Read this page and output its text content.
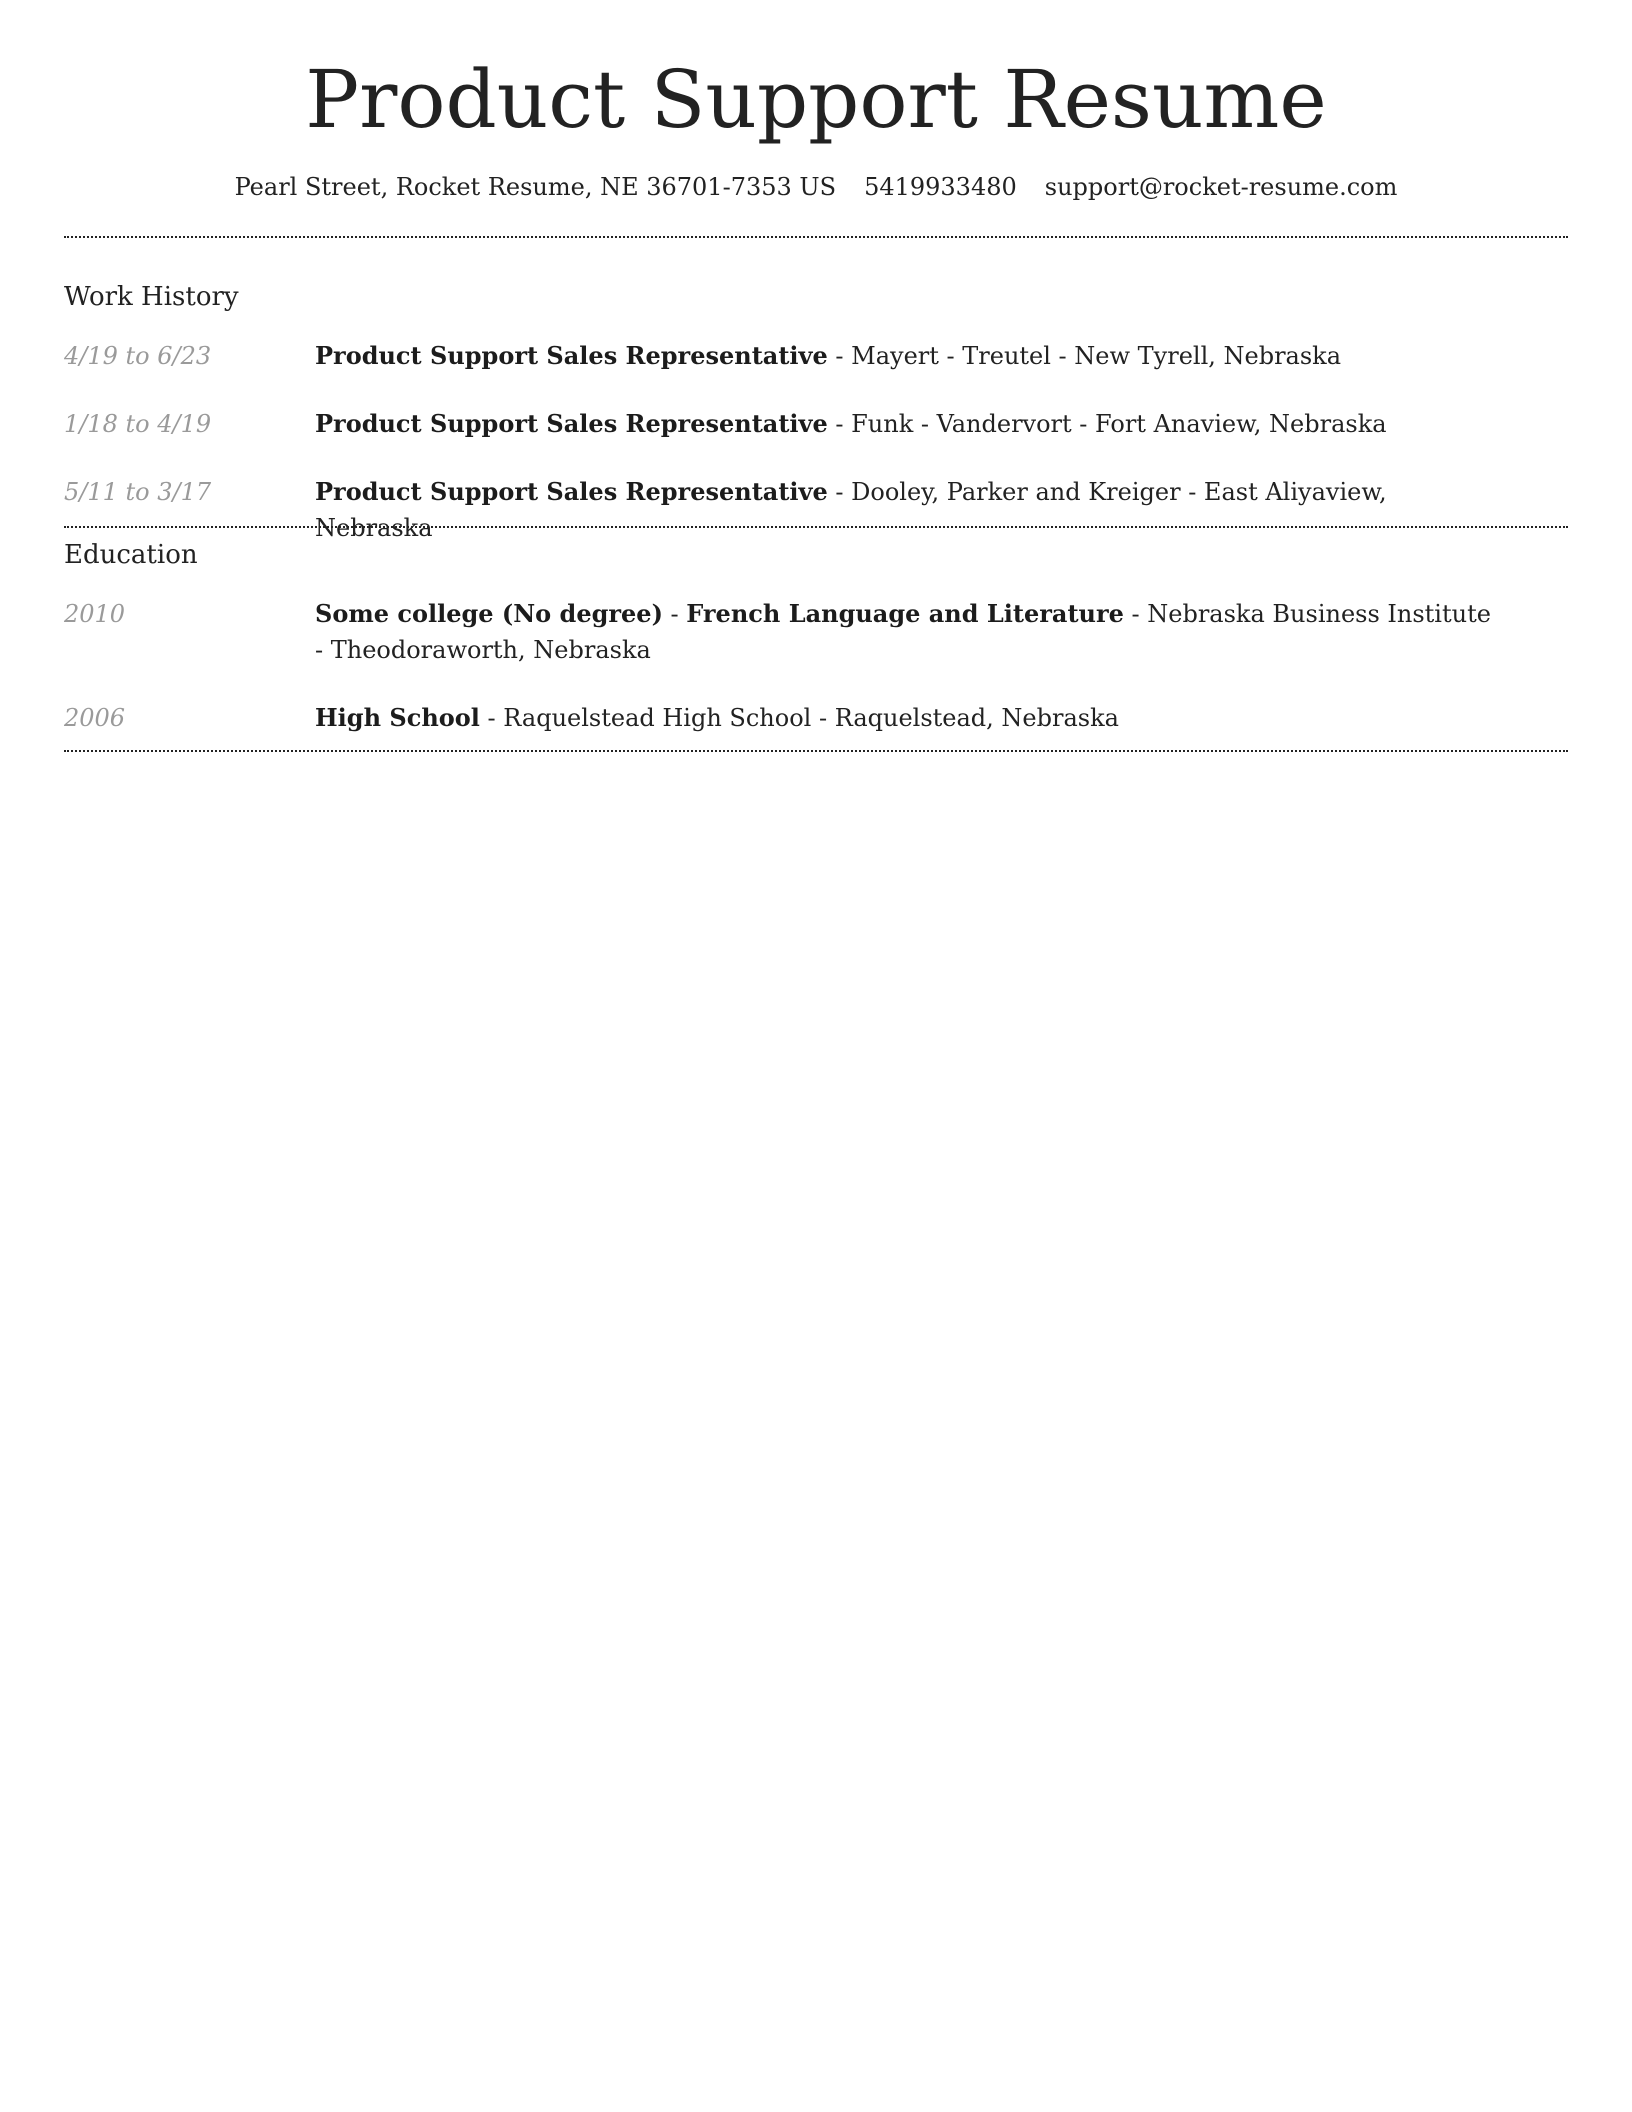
Product Support Resume
Pearl Street, Rocket Resume, NE 36701-7353 US 5419933480 support@rocket-resume.com
Work History
4/19 to 6/23	Product Support Sales Representative - Mayert - Treutel - New Tyrell, Nebraska
1/18 to 4/19	Product Support Sales Representative - Funk - Vandervort - Fort Anaview, Nebraska
5/11 to 3/17	Product Support Sales Representative - Dooley, Parker and Kreiger - East Aliyaview, Nebraska
Education
2010	Some college (No degree) - French Language and Literature - Nebraska Business Institute - Theodoraworth, Nebraska
2006	High School - Raquelstead High School - Raquelstead, Nebraska
